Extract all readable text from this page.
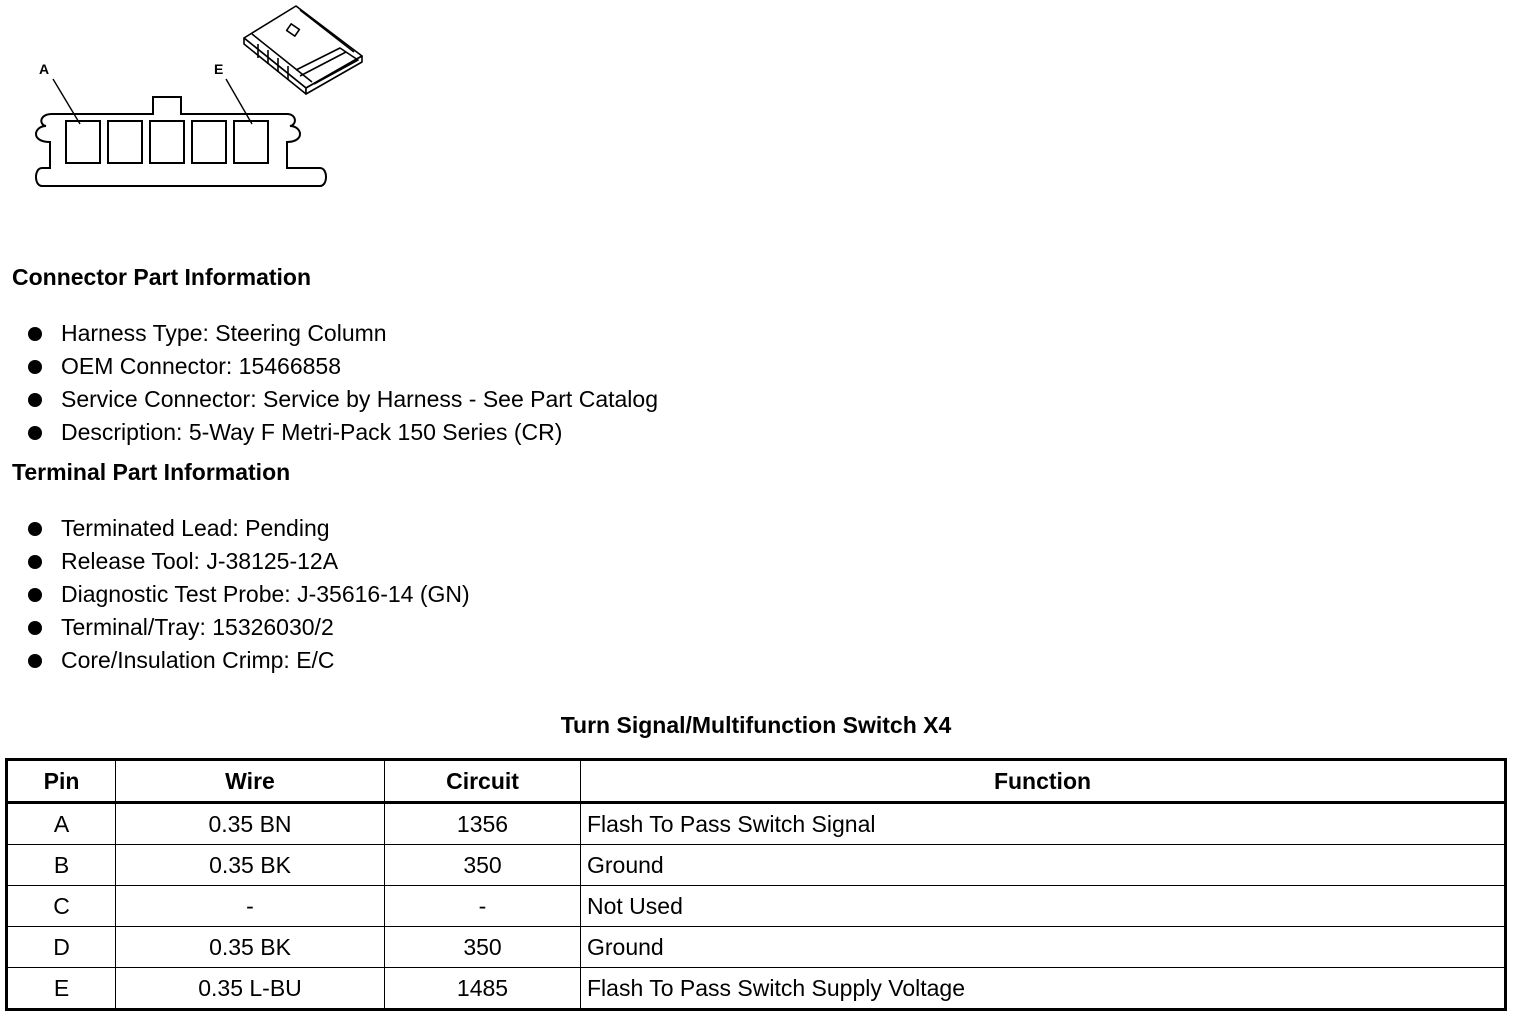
A	E
Connector Part Information
Harness Type: Steering Column
OEM Connector: 15466858
Service Connector: Service by Harness - See Part Catalog
Description: 5-Way F Metri-Pack 150 Series (CR)
Terminal Part Information
Terminated Lead: Pending
Release Tool: J-38125-12A
Diagnostic Test Probe: J-35616-14 (GN)
Terminal/Tray: 15326030/2
Core/Insulation Crimp: E/C
Turn Signal/Multifunction Switch X4
Pin	Wire	Circuit	Function
A	0.35 BN	1356	Flash To Pass Switch Signal
B	0.35 BK	350	Ground
C	-	-	Not Used
D	0.35 BK	350	Ground
E	0.35 L-BU	1485	Flash To Pass Switch Supply Voltage
